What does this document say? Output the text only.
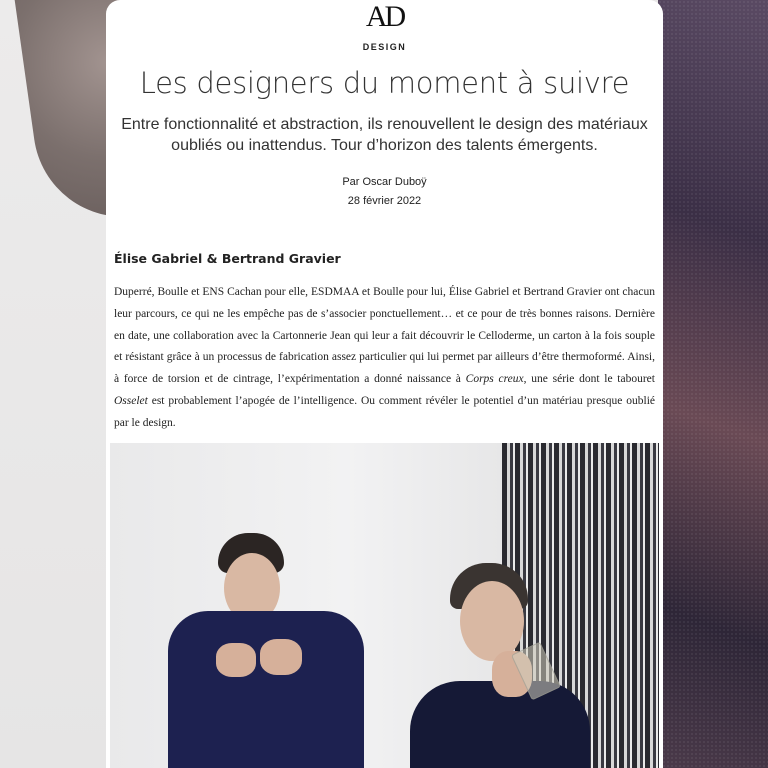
AD
DESIGN
Les designers du moment à suivre
Entre fonctionnalité et abstraction, ils renouvellent le design des matériaux oubliés ou inattendus. Tour d’horizon des talents émergents.
Par Oscar Duboÿ
28 février 2022
Élise Gabriel & Bertrand Gravier

Duperré, Boulle et ENS Cachan pour elle, ESDMAA et Boulle pour lui, Élise Gabriel et Bertrand Gravier ont chacun leur parcours, ce qui ne les empêche pas de s’associer ponctuellement… et ce pour de très bonnes raisons. Dernière en date, une collaboration avec la Cartonnerie Jean qui leur a fait découvrir le Celloderme, un carton à la fois souple et résistant grâce à un processus de fabrication assez particulier qui lui permet par ailleurs d’être thermoformé. Ainsi, à force de torsion et de cintrage, l’expérimentation a donné naissance à Corps creux, une série dont le tabouret Osselet est probablement l’apogée de l’intelligence. Ou comment révéler le potentiel d’un matériau presque oublié par le design.
